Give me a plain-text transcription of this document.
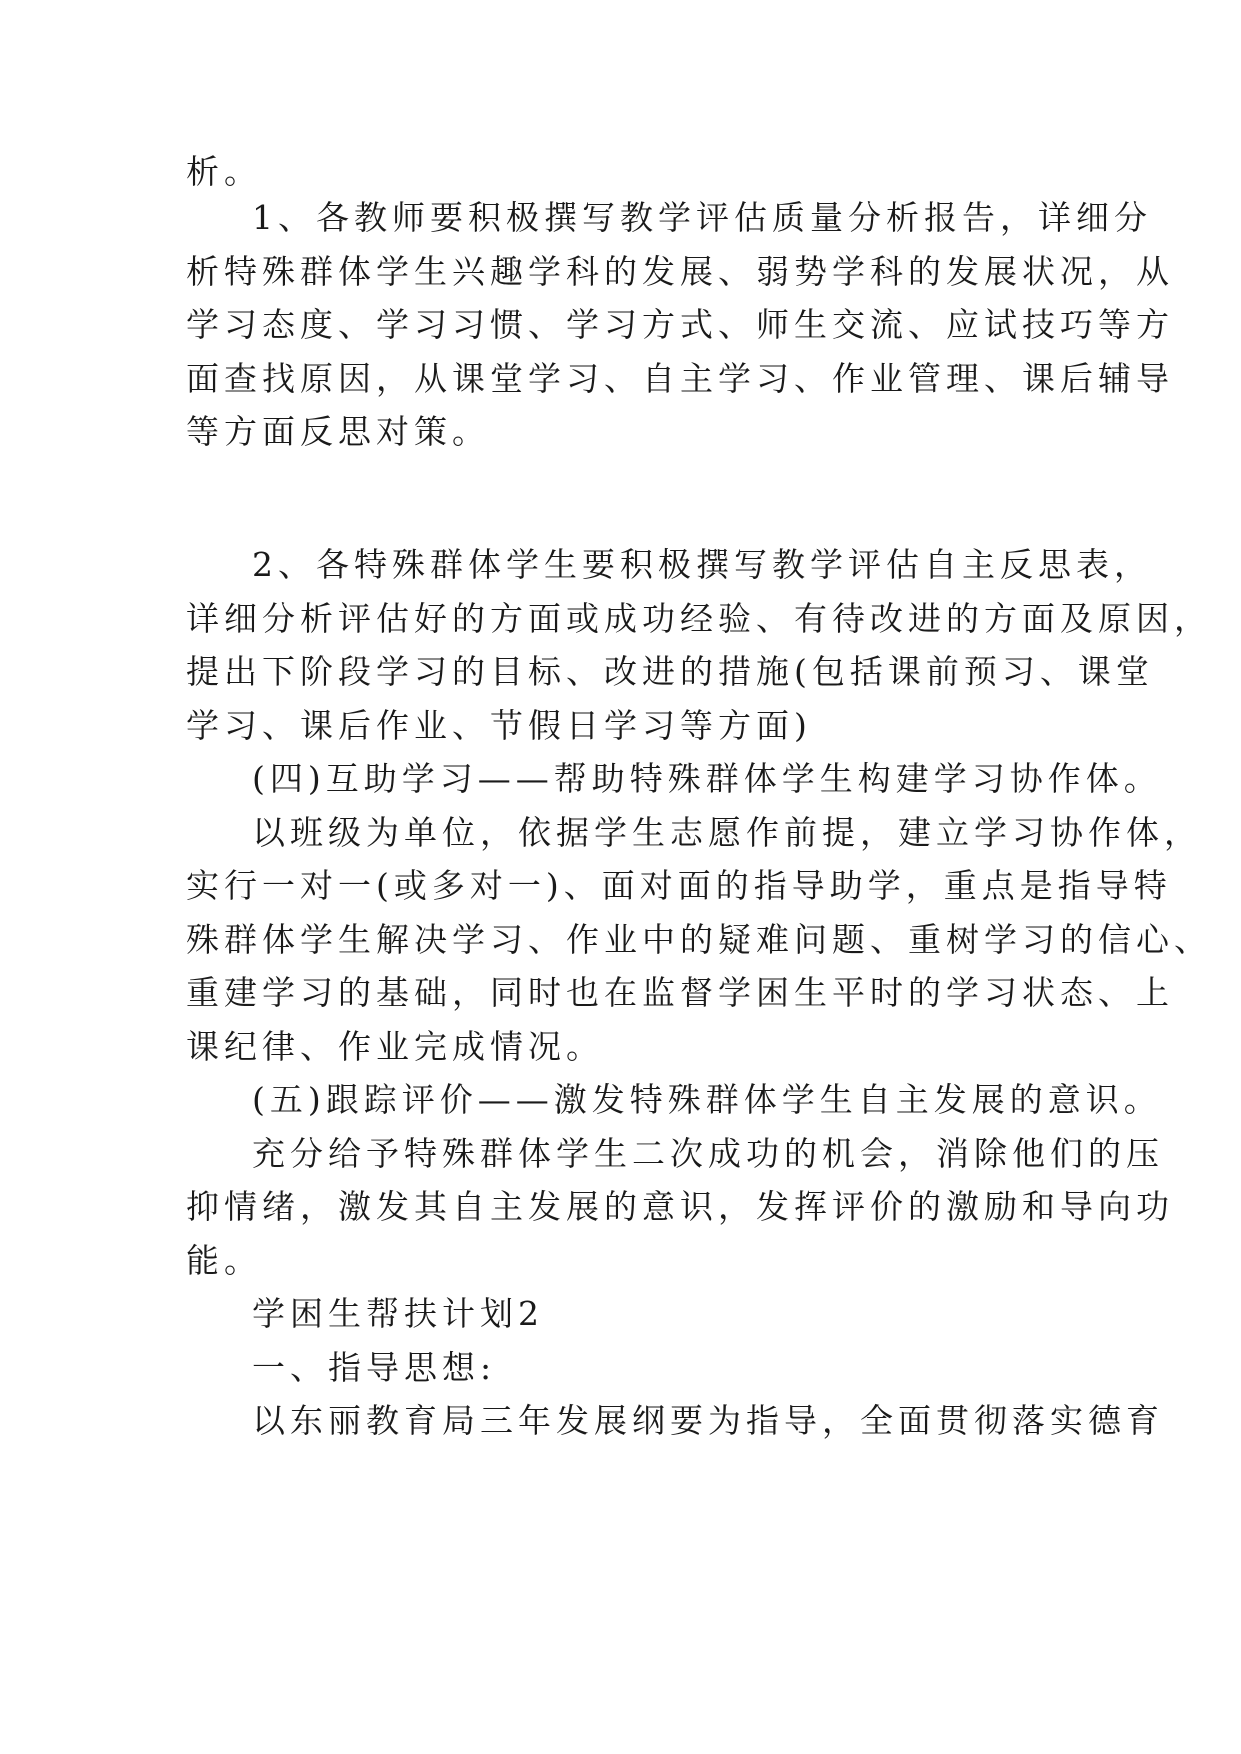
析。

1、各教师要积极撰写教学评估质量分析报告，详细分

析特殊群体学生兴趣学科的发展、弱势学科的发展状况，从

学习态度、学习习惯、学习方式、师生交流、应试技巧等方

面查找原因，从课堂学习、自主学习、作业管理、课后辅导

等方面反思对策。

2、各特殊群体学生要积极撰写教学评估自主反思表，

详细分析评估好的方面或成功经验、有待改进的方面及原因，

提出下阶段学习的目标、改进的措施(包括课前预习、课堂

学习、课后作业、节假日学习等方面)

(四)互助学习——帮助特殊群体学生构建学习协作体。

以班级为单位，依据学生志愿作前提，建立学习协作体，

实行一对一(或多对一)、面对面的指导助学，重点是指导特

殊群体学生解决学习、作业中的疑难问题、重树学习的信心、

重建学习的基础，同时也在监督学困生平时的学习状态、上

课纪律、作业完成情况。

(五)跟踪评价——激发特殊群体学生自主发展的意识。

充分给予特殊群体学生二次成功的机会，消除他们的压

抑情绪，激发其自主发展的意识，发挥评价的激励和导向功

能。

学困生帮扶计划2

一、指导思想:

以东丽教育局三年发展纲要为指导，全面贯彻落实德育
